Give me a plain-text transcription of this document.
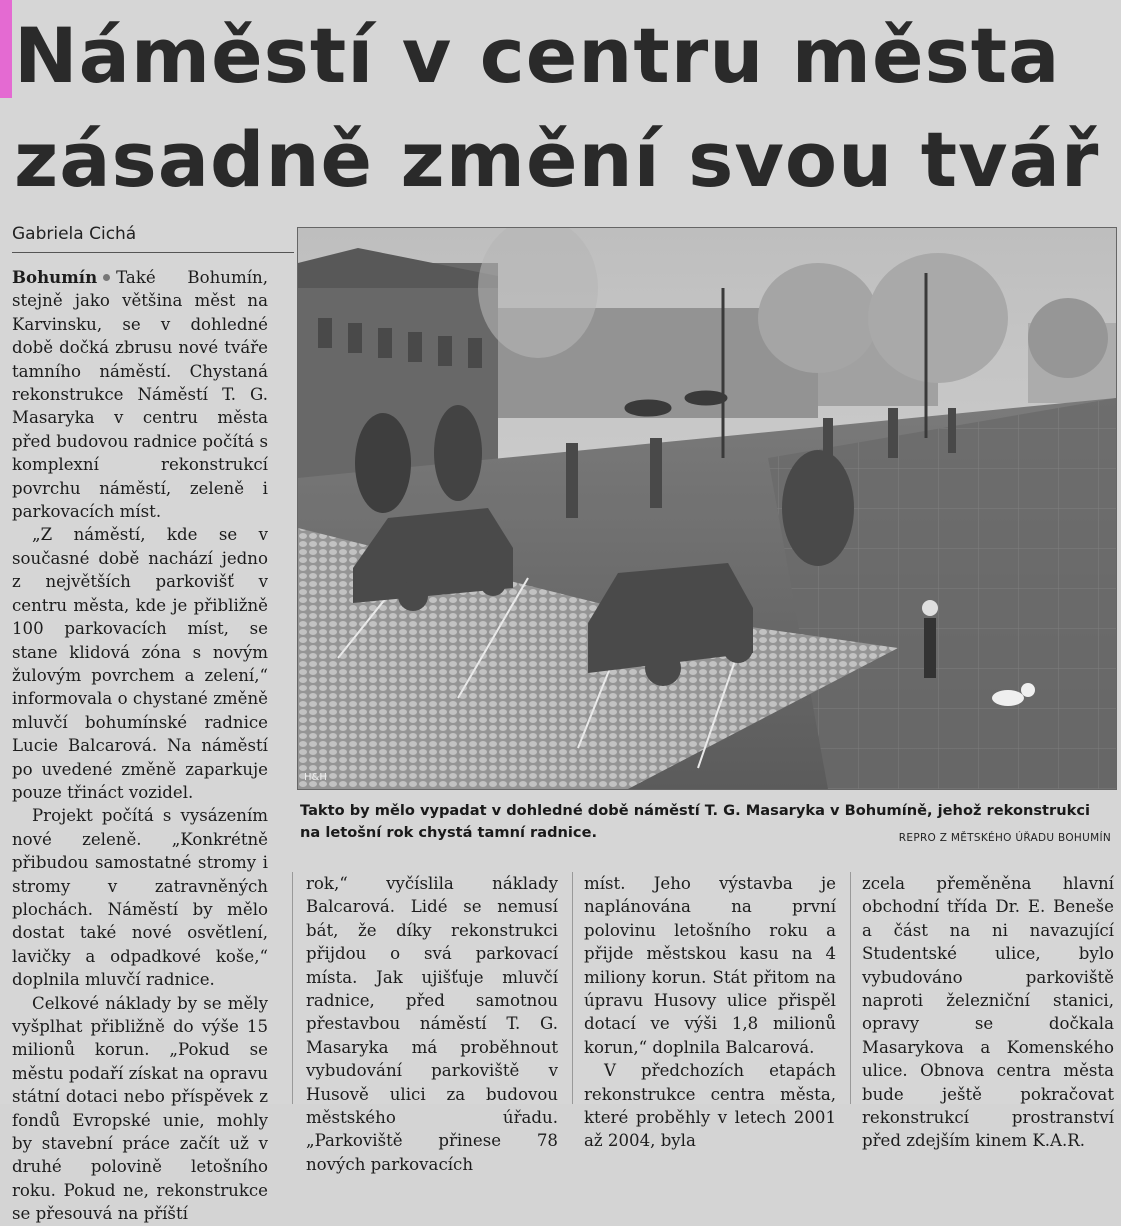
Náměstí v centru města
zásadně změní svou tvář
Gabriela Cichá

Bohumín Také Bohumín, stejně jako většina měst na Karvinsku, se v dohledné době dočká zbrusu nové tváře tamního náměstí. Chystaná rekonstrukce Náměstí T. G. Masaryka v centru města před budovou radnice počítá s komplexní rekonstrukcí povrchu náměstí, zeleně i parkovacích míst.

„Z náměstí, kde se v současné době nachází jedno z největších parkovišť v centru města, kde je přibližně 100 parkovacích míst, se stane klidová zóna s novým žulovým povrchem a zelení,“ informovala o chystané změně mluvčí bohumínské radnice Lucie Balcarová. Na náměstí po uvedené změně zaparkuje pouze třináct vozidel.

Projekt počítá s vysázením nové zeleně. „Konkrétně přibudou samostatné stromy i stromy v zatravněných plochách. Náměstí by mělo dostat také nové osvětlení, lavičky a odpadkové koše,“ doplnila mluvčí radnice.

Celkové náklady by se měly vyšplhat přibližně do výše 15 milionů korun. „Pokud se městu podaří získat na opravu státní dotaci nebo příspěvek z fondů Evropské unie, mohly by stavební práce začít už v druhé polovině letošního roku. Pokud ne, rekonstrukce se přesouvá na příští

H&H
Takto by mělo vypadat v dohledné době náměstí T. G. Masaryka v Bohumíně, jehož rekonstrukci na letošní rok chystá tamní radnice.	REPRO Z MĚTSKÉHO ÚŘADU BOHUMÍN

rok,“ vyčíslila náklady Balcarová. Lidé se nemusí bát, že díky rekonstrukci přijdou o svá parkovací místa. Jak ujišťuje mluvčí radnice, před samotnou přestavbou náměstí T. G. Masaryka má proběhnout vybudování parkoviště v Husově ulici za budovou městského úřadu. „Parkoviště přinese 78 nových parkovacích

míst. Jeho výstavba je naplánována na první polovinu letošního roku a přijde městskou kasu na 4 miliony korun. Stát přitom na úpravu Husovy ulice přispěl dotací ve výši 1,8 milionů korun,“ doplnila Balcarová.

V předchozích etapách rekonstrukce centra města, které proběhly v letech 2001 až 2004, byla

zcela přeměněna hlavní obchodní třída Dr. E. Beneše a část na ni navazující Studentské ulice, bylo vybudováno parkoviště naproti železniční stanici, opravy se dočkala Masarykova a Komenského ulice. Obnova centra města bude ještě pokračovat rekonstrukcí prostranství před zdejším kinem K.A.R.
